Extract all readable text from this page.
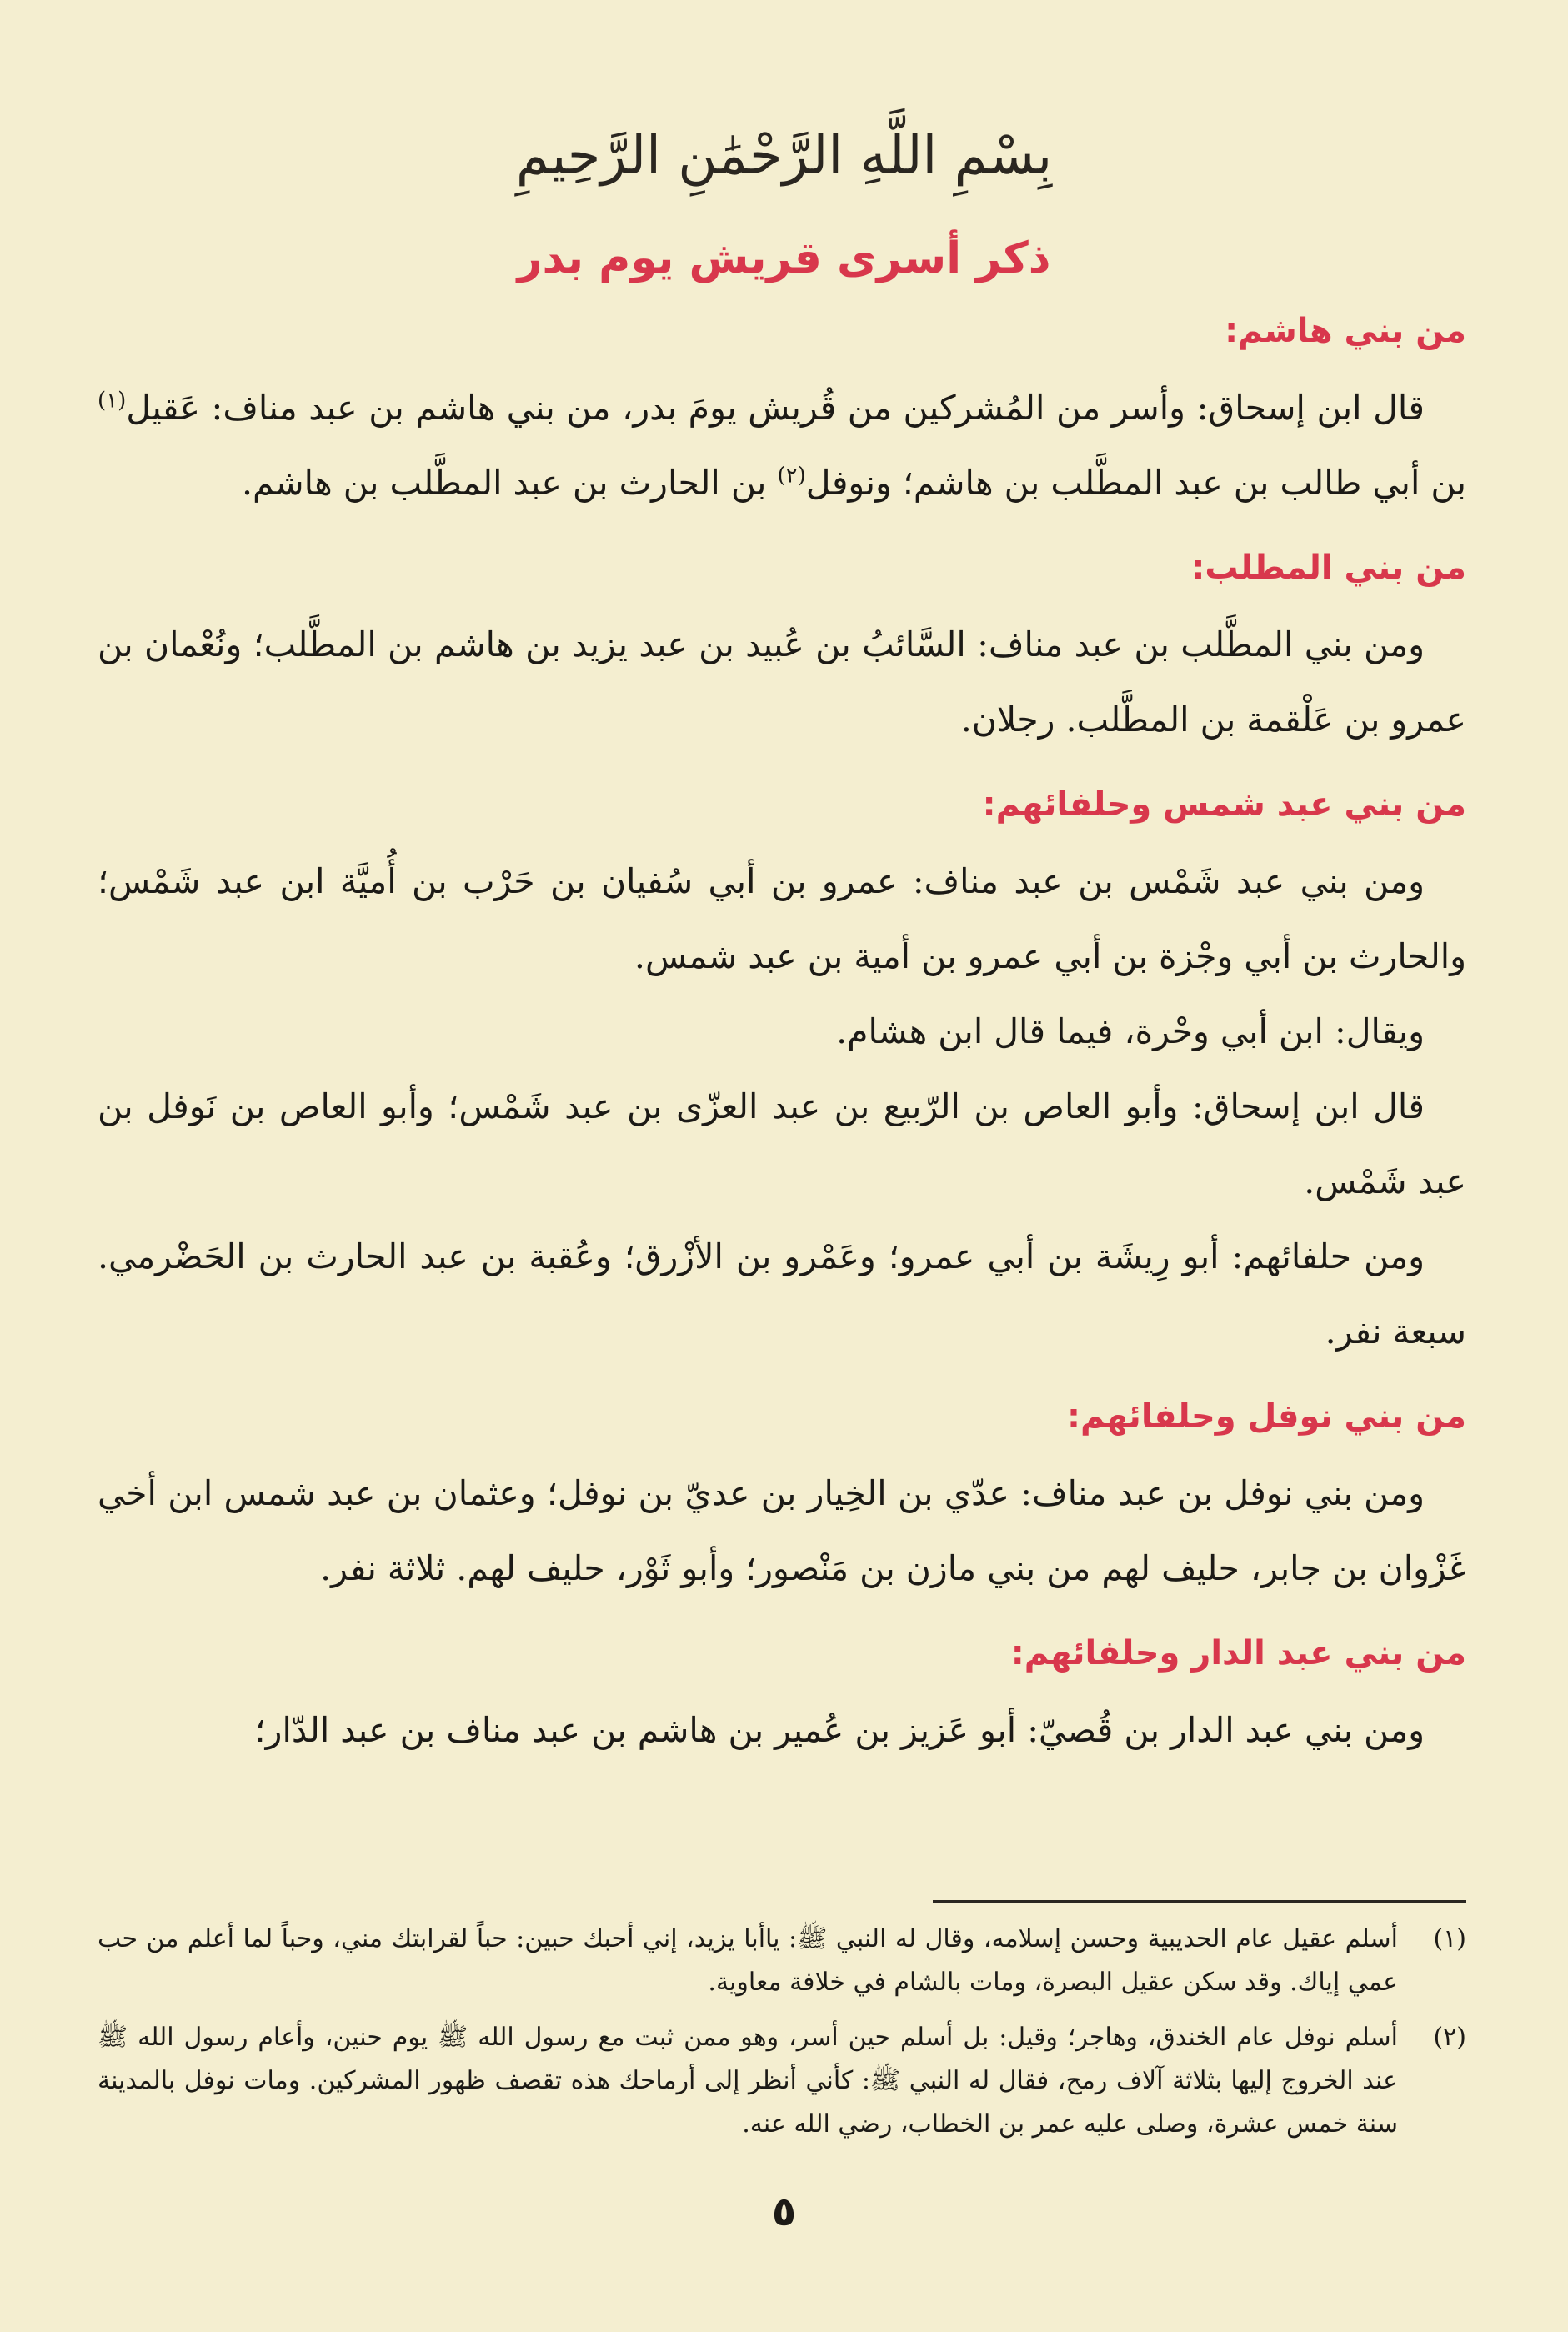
بِسْمِ اللَّهِ الرَّحْمَٰنِ الرَّحِيمِ
ذكر أسرى قريش يوم بدر
من بني هاشم:

قال ابن إسحاق: وأسر من المُشركين من قُريش يومَ بدر، من بني هاشم بن عبد مناف: عَقيل$^{(١)}$ بن أبي طالب بن عبد المطَّلب بن هاشم؛ ونوفل$^{(٢)}$ بن الحارث بن عبد المطَّلب بن هاشم.

من بني المطلب:

ومن بني المطَّلب بن عبد مناف: السَّائبُ بن عُبيد بن عبد يزيد بن هاشم بن المطَّلب؛ ونُعْمان بن عمرو بن عَلْقمة بن المطَّلب. رجلان.

من بني عبد شمس وحلفائهم:

ومن بني عبد شَمْس بن عبد مناف: عمرو بن أبي سُفيان بن حَرْب بن أُميَّة ابن عبد شَمْس؛ والحارث بن أبي وجْزة بن أبي عمرو بن أمية بن عبد شمس.

ويقال: ابن أبي وحْرة، فيما قال ابن هشام.

قال ابن إسحاق: وأبو العاص بن الرّبيع بن عبد العزّى بن عبد شَمْس؛ وأبو العاص بن نَوفل بن عبد شَمْس.

ومن حلفائهم: أبو رِيشَة بن أبي عمرو؛ وعَمْرو بن الأزْرق؛ وعُقبة بن عبد الحارث بن الحَضْرمي. سبعة نفر.

من بني نوفل وحلفائهم:

ومن بني نوفل بن عبد مناف: عدّي بن الخِيار بن عديّ بن نوفل؛ وعثمان بن عبد شمس ابن أخي غَزْوان بن جابر، حليف لهم من بني مازن بن مَنْصور؛ وأبو ثَوْر، حليف لهم. ثلاثة نفر.

من بني عبد الدار وحلفائهم:

ومن بني عبد الدار بن قُصيّ: أبو عَزيز بن عُمير بن هاشم بن عبد مناف بن عبد الدّار؛

(١)
أسلم عقيل عام الحديبية وحسن إسلامه، وقال له النبي ﷺ: ياأبا يزيد، إني أحبك حبين: حباً لقرابتك مني، وحباً لما أعلم من حب عمي إياك. وقد سكن عقيل البصرة، ومات بالشام في خلافة معاوية.
(٢)
أسلم نوفل عام الخندق، وهاجر؛ وقيل: بل أسلم حين أسر، وهو ممن ثبت مع رسول الله ﷺ يوم حنين، وأعام رسول الله ﷺ عند الخروج إليها بثلاثة آلاف رمح، فقال له النبي ﷺ: كأني أنظر إلى أرماحك هذه تقصف ظهور المشركين. ومات نوفل بالمدينة سنة خمس عشرة، وصلى عليه عمر بن الخطاب، رضي الله عنه.
٥
